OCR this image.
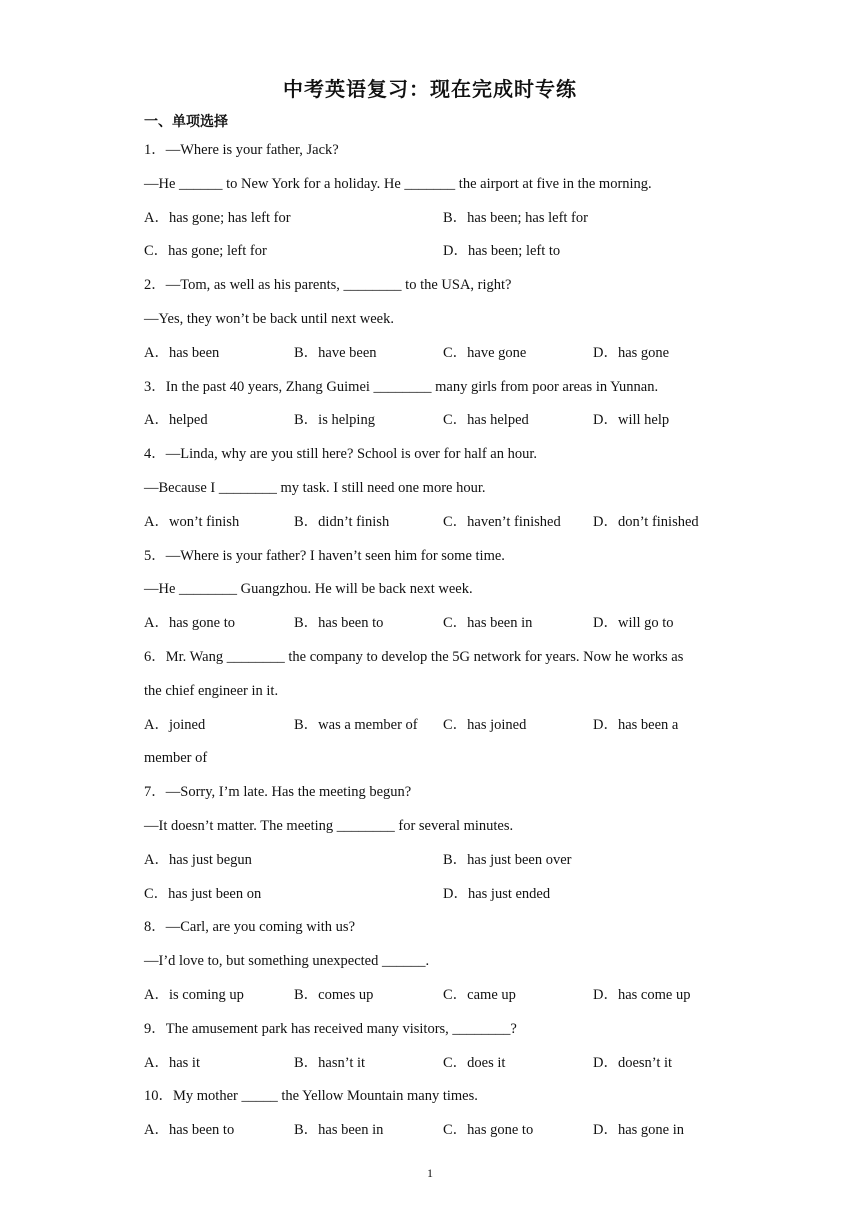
中考英语复习：现在完成时专练
一、单项选择
1．—Where is your father, Jack?
—He ______ to New York for a holiday. He _______ the airport at five in the morning.
A．has gone; has left for	B．has been; has left for
C．has gone; left for	D．has been; left to
2．—Tom, as well as his parents, ________ to the USA, right?
—Yes, they won’t be back until next week.
A．has been	B．have been	C．have gone	D．has gone
3．In the past 40 years, Zhang Guimei ________ many girls from poor areas in Yunnan.
A．helped	B．is helping	C．has helped	D．will help
4．—Linda, why are you still here? School is over for half an hour.
—Because I ________ my task. I still need one more hour.
A．won’t finish	B．didn’t finish	C．haven’t finished D．don’t finished
5．—Where is your father? I haven’t seen him for some time.
—He ________ Guangzhou. He will be back next week.
A．has gone to	B．has been to	C．has been in	D．will go to
6．Mr. Wang ________ the company to develop the 5G network for years. Now he works as
the chief engineer in it.
A．joined	B．was a member of C．has joined	D．has been a
member of
7．—Sorry, I’m late. Has the meeting begun?
—It doesn’t matter. The meeting ________ for several minutes.
A．has just begun	B．has just been over
C．has just been on	D．has just ended
8．—Carl, are you coming with us?
—I’d love to, but something unexpected ______.
A．is coming up	B．comes up	C．came up	D．has come up
9．The amusement park has received many visitors, ________?
A．has it	B．hasn’t it	C．does it	D．doesn’t it
10．My mother _____ the Yellow Mountain many times.
A．has been to	B．has been in	C．has gone to	D．has gone in
1
